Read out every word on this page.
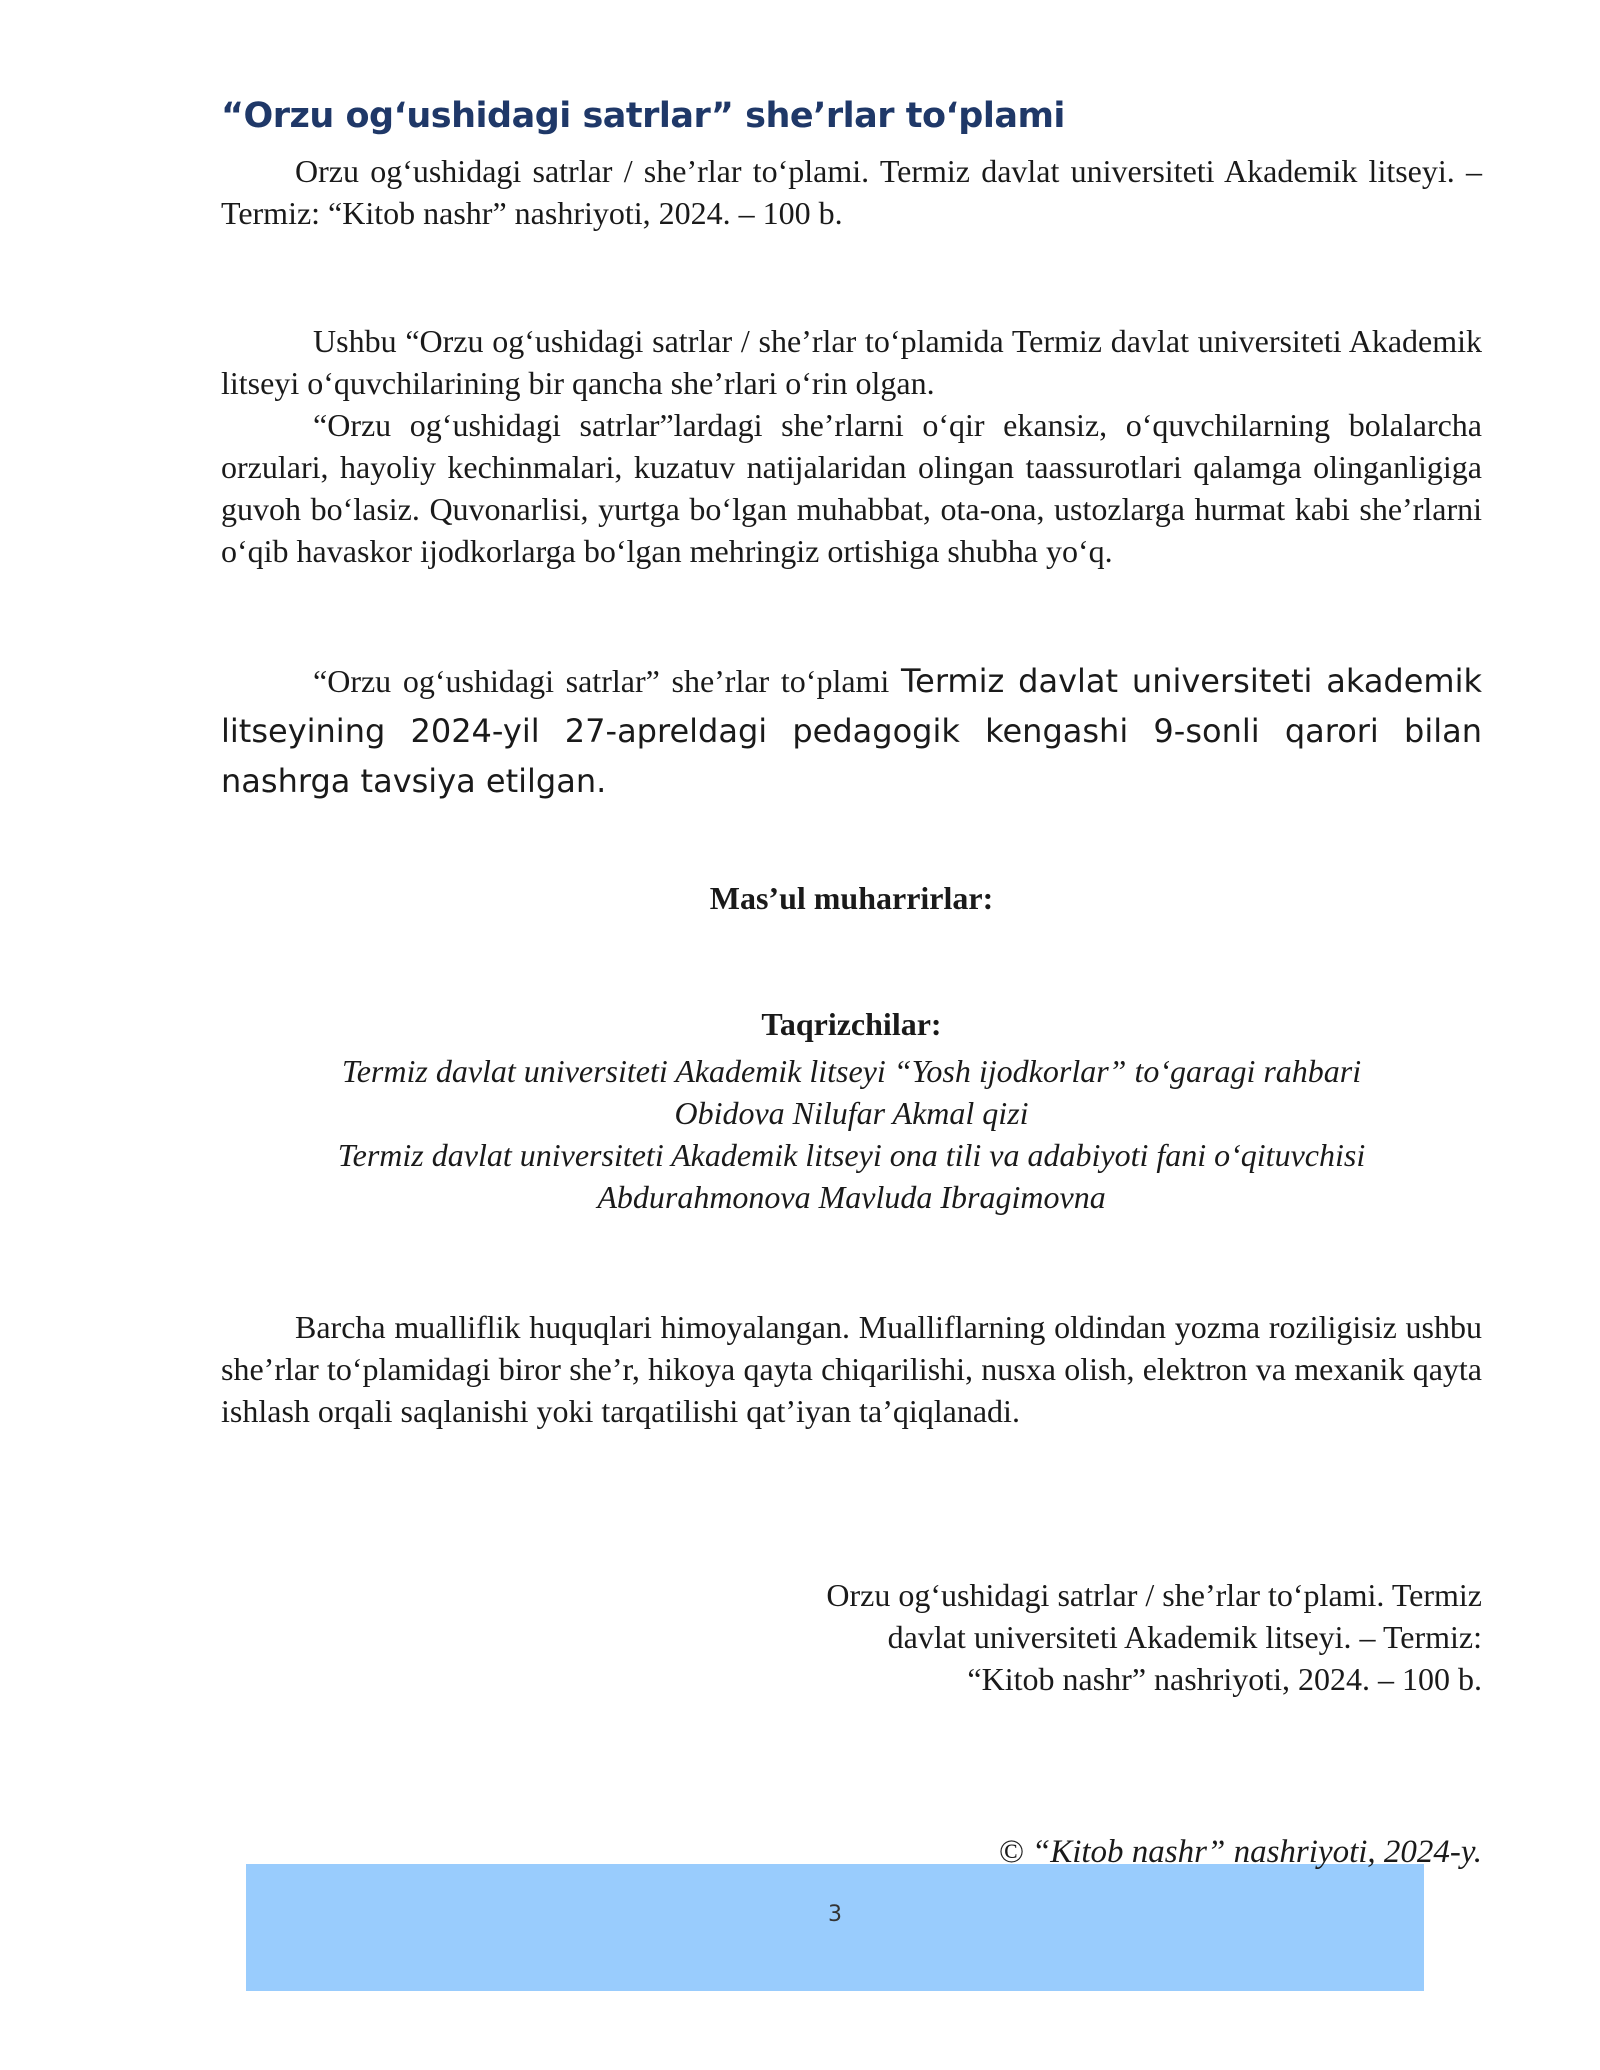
“Orzu og‘ushidagi satrlar” she’rlar to‘plami
Orzu og‘ushidagi satrlar / she’rlar to‘plami. Termiz davlat universiteti Akademik litseyi. – Termiz: “Kitob nashr” nashriyoti, 2024. – 100 b.
Ushbu “Orzu og‘ushidagi satrlar / she’rlar to‘plamida Termiz davlat universiteti Akademik litseyi o‘quvchilarining bir qancha she’rlari o‘rin olgan.
“Orzu og‘ushidagi satrlar”lardagi she’rlarni o‘qir ekansiz, o‘quvchilarning bolalarcha orzulari, hayoliy kechinmalari, kuzatuv natijalaridan olingan taassurotlari qalamga olinganligiga guvoh bo‘lasiz. Quvonarlisi, yurtga bo‘lgan muhabbat, ota-ona, ustozlarga hurmat kabi she’rlarni o‘qib havaskor ijodkorlarga bo‘lgan mehringiz ortishiga shubha yo‘q.
“Orzu og‘ushidagi satrlar” she’rlar to‘plami Termiz davlat universiteti akademik litseyining 2024-yil 27-apreldagi pedagogik kengashi 9-sonli qarori bilan nashrga tavsiya etilgan.
Mas’ul muharrirlar:
Taqrizchilar:
Termiz davlat universiteti Akademik litseyi “Yosh ijodkorlar” to‘garagi rahbari
Obidova Nilufar Akmal qizi
Termiz davlat universiteti Akademik litseyi ona tili va adabiyoti fani o‘qituvchisi
Abdurahmonova Mavluda Ibragimovna
Barcha mualliflik huquqlari himoyalangan. Mualliflarning oldindan yozma roziligisiz ushbu she’rlar to‘plamidagi biror she’r, hikoya qayta chiqarilishi, nusxa olish, elektron va mexanik qayta ishlash orqali saqlanishi yoki tarqatilishi qat’iyan ta’qiqlanadi.
Orzu og‘ushidagi satrlar / she’rlar to‘plami. Termiz
davlat universiteti Akademik litseyi. – Termiz:
“Kitob nashr” nashriyoti, 2024. – 100 b.
3
© “Kitob nashr” nashriyoti, 2024-y.
